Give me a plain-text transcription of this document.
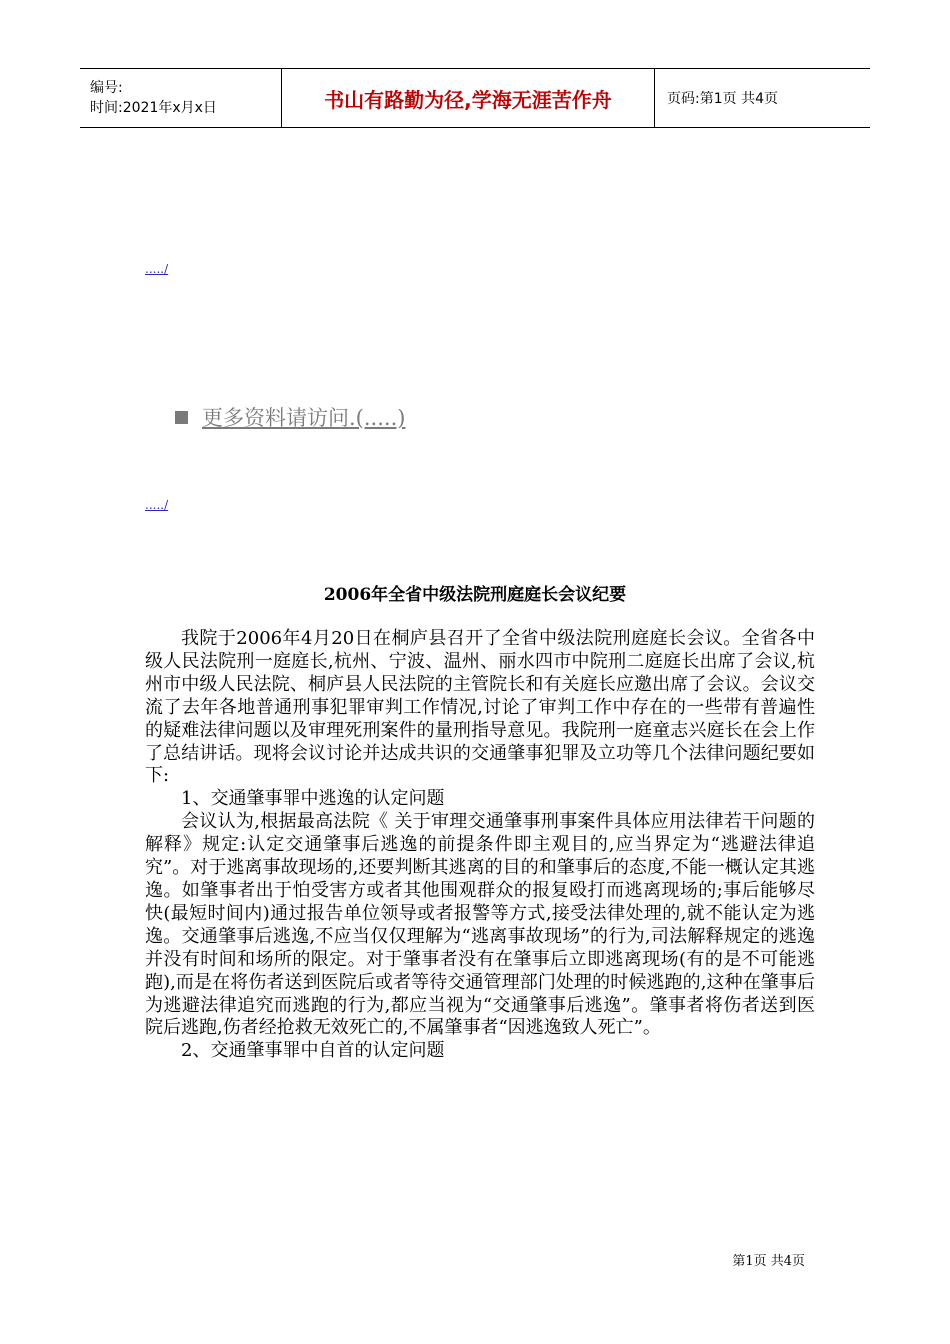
编号:
时间:2021年x月x日	书山有路勤为径,学海无涯苦作舟	页码:第1页 共4页
...../
更多资料请访问.(.....)
...../
2006年全省中级法院刑庭庭长会议纪要

我院于2006年4月20日在桐庐县召开了全省中级法院刑庭庭长会议。全省各中级人民法院刑一庭庭长,杭州、宁波、温州、丽水四市中院刑二庭庭长出席了会议,杭州市中级人民法院、桐庐县人民法院的主管院长和有关庭长应邀出席了会议。会议交流了去年各地普通刑事犯罪审判工作情况,讨论了审判工作中存在的一些带有普遍性的疑难法律问题以及审理死刑案件的量刑指导意见。我院刑一庭童志兴庭长在会上作了总结讲话。现将会议讨论并达成共识的交通肇事犯罪及立功等几个法律问题纪要如下:

1、交通肇事罪中逃逸的认定问题

会议认为,根据最高法院《 关于审理交通肇事刑事案件具体应用法律若干问题的解释》规定:认定交通肇事后逃逸的前提条件即主观目的,应当界定为“逃避法律追究”。对于逃离事故现场的,还要判断其逃离的目的和肇事后的态度,不能一概认定其逃逸。如肇事者出于怕受害方或者其他围观群众的报复殴打而逃离现场的;事后能够尽快(最短时间内)通过报告单位领导或者报警等方式,接受法律处理的,就不能认定为逃逸。交通肇事后逃逸,不应当仅仅理解为“逃离事故现场”的行为,司法解释规定的逃逸并没有时间和场所的限定。对于肇事者没有在肇事后立即逃离现场(有的是不可能逃跑),而是在将伤者送到医院后或者等待交通管理部门处理的时候逃跑的,这种在肇事后为逃避法律追究而逃跑的行为,都应当视为“交通肇事后逃逸”。肇事者将伤者送到医院后逃跑,伤者经抢救无效死亡的,不属肇事者“因逃逸致人死亡”。

2、交通肇事罪中自首的认定问题

第1页 共4页
